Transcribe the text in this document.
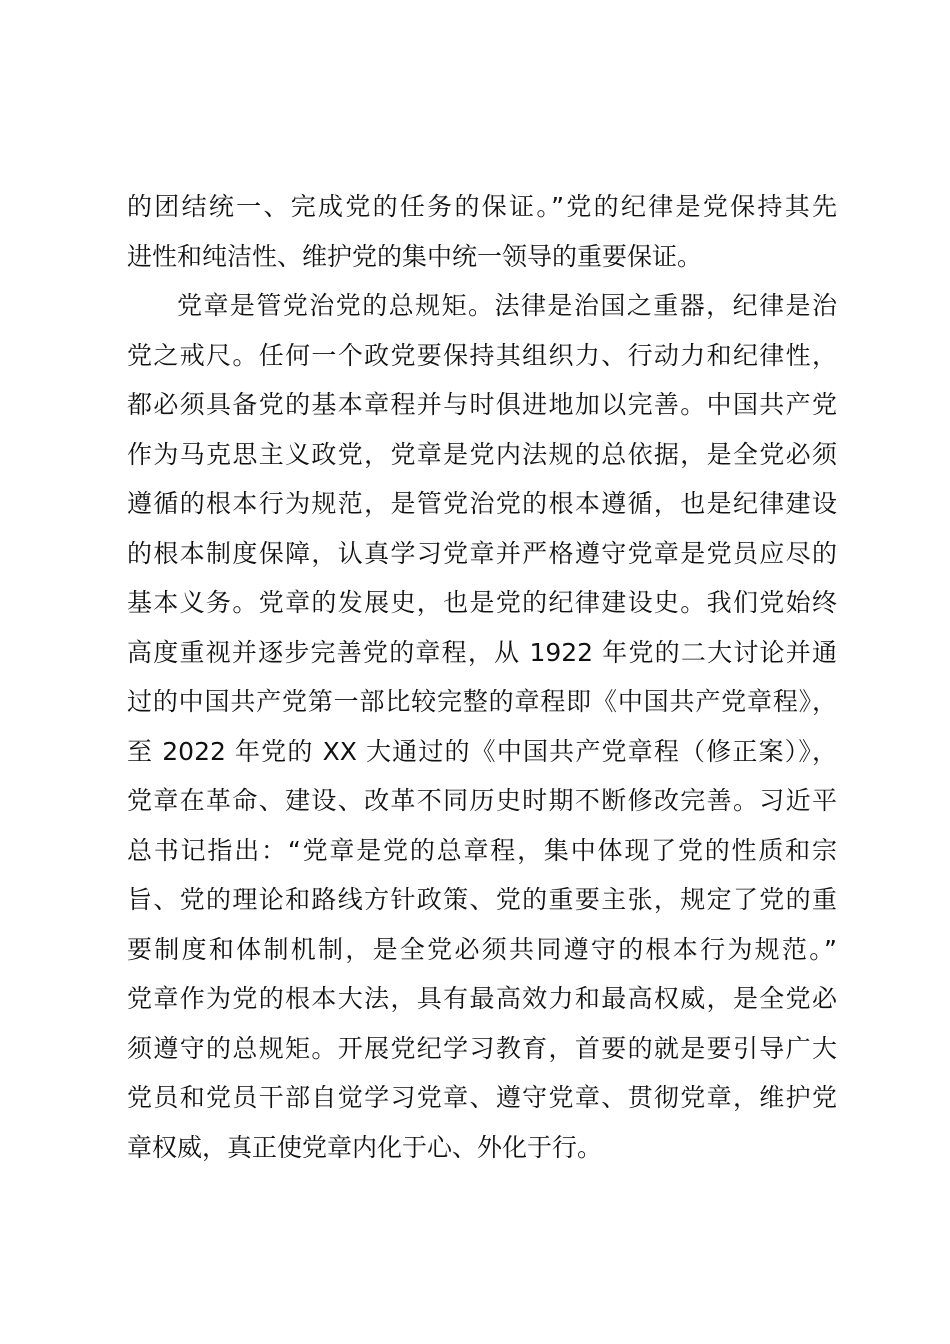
的团结统一、完成党的任务的保证。”党的纪律是党保持其先
进性和纯洁性、维护党的集中统一领导的重要保证。
党章是管党治党的总规矩。法律是治国之重器，纪律是治
党之戒尺。任何一个政党要保持其组织力、行动力和纪律性，
都必须具备党的基本章程并与时俱进地加以完善。中国共产党
作为马克思主义政党，党章是党内法规的总依据，是全党必须
遵循的根本行为规范，是管党治党的根本遵循，也是纪律建设
的根本制度保障，认真学习党章并严格遵守党章是党员应尽的
基本义务。党章的发展史，也是党的纪律建设史。我们党始终
高度重视并逐步完善党的章程，从 1922 年党的二大讨论并通
过的中国共产党第一部比较完整的章程即《中国共产党章程》，
至 2022 年党的 XX 大通过的《中国共产党章程（修正案）》，
党章在革命、建设、改革不同历史时期不断修改完善。习近平
总书记指出：“党章是党的总章程，集中体现了党的性质和宗
旨、党的理论和路线方针政策、党的重要主张，规定了党的重
要制度和体制机制，是全党必须共同遵守的根本行为规范。”
党章作为党的根本大法，具有最高效力和最高权威，是全党必
须遵守的总规矩。开展党纪学习教育，首要的就是要引导广大
党员和党员干部自觉学习党章、遵守党章、贯彻党章，维护党
章权威，真正使党章内化于心、外化于行。
